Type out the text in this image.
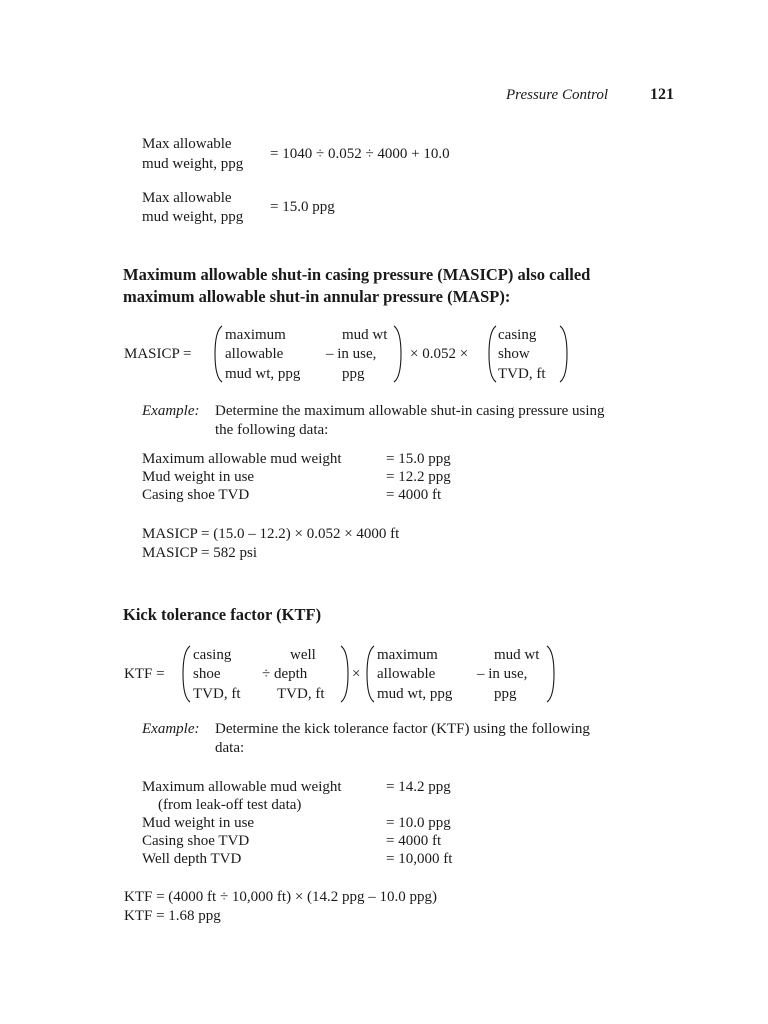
Pressure Control	121
Max allowable
mud weight, ppg
= 1040 ÷ 0.052 ÷ 4000 + 10.0
Max allowable
mud weight, ppg
= 15.0 ppg
Maximum allowable shut-in casing pressure (MASICP) also called
maximum allowable shut-in annular pressure (MASP):
MASICP =
maximum
allowable
mud wt, ppg
mud wt
– in use,
ppg
× 0.052 ×
casing
show
TVD, ft
Example: Determine the maximum allowable shut-in casing pressure using
the following data:
Maximum allowable mud weight	= 15.0 ppg
Mud weight in use	= 12.2 ppg
Casing shoe TVD	= 4000 ft
MASICP = (15.0 – 12.2) × 0.052 × 4000 ft
MASICP = 582 psi
Kick tolerance factor (KTF)
KTF =
casing
shoe
TVD, ft
well
÷ depth
TVD, ft
×
maximum
allowable
mud wt, ppg
mud wt
– in use,
ppg
Example: Determine the kick tolerance factor (KTF) using the following
data:
Maximum allowable mud weight	= 14.2 ppg
(from leak-off test data)
Mud weight in use	= 10.0 ppg
Casing shoe TVD	= 4000 ft
Well depth TVD	= 10,000 ft
KTF = (4000 ft ÷ 10,000 ft) × (14.2 ppg – 10.0 ppg)
KTF = 1.68 ppg
